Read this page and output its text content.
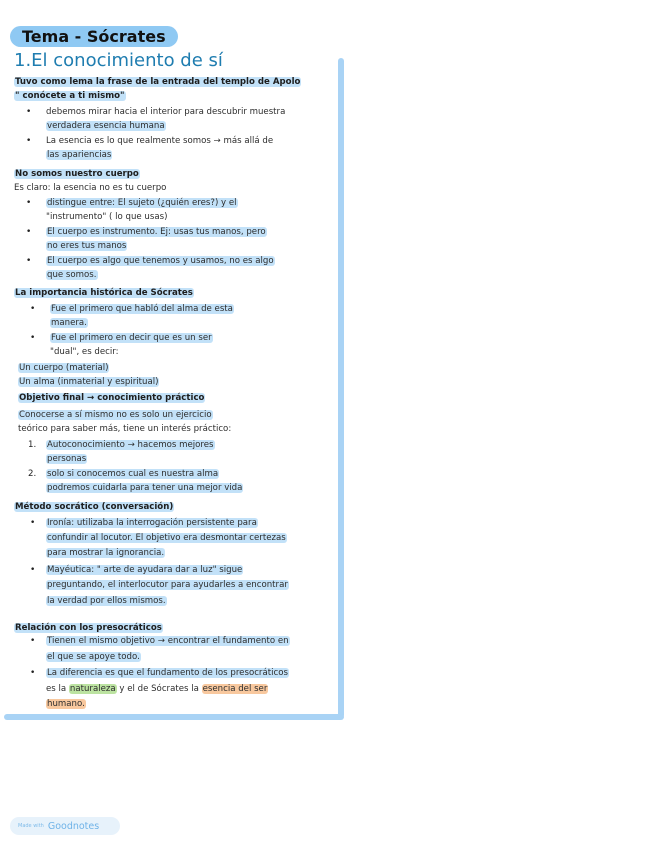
Tema - Sócrates
1.El conocimiento de sí
Tuvo como lema la frase de la entrada del templo de Apolo
" conócete a ti mismo"
• debemos mirar hacia el interior para descubrir muestra
verdadera esencia humana
• La esencia es lo que realmente somos → más allá de
las apariencias
No somos nuestro cuerpo
Es claro: la esencia no es tu cuerpo
• distingue entre: El sujeto (¿quién eres?) y el
"instrumento" ( lo que usas)
• El cuerpo es instrumento. Ej: usas tus manos, pero
no eres tus manos
• El cuerpo es algo que tenemos y usamos, no es algo
que somos.
La importancia histórica de Sócrates
• Fue el primero que habló del alma de esta
manera.
• Fue el primero en decir que es un ser
"dual", es decir:
Un cuerpo (material)
Un alma (inmaterial y espiritual)
Objetivo final → conocimiento práctico
Conocerse a sí mismo no es solo un ejercicio
teórico para saber más, tiene un interés práctico:
1. Autoconocimiento → hacemos mejores
personas
2. solo si conocemos cual es nuestra alma
podremos cuidarla para tener una mejor vida
Método socrático (conversación)
• Ironía: utilizaba la interrogación persistente para
confundir al locutor. El objetivo era desmontar certezas
para mostrar la ignorancia.
• Mayéutica: " arte de ayudara dar a luz" sigue
preguntando, el interlocutor para ayudarles a encontrar
la verdad por ellos mismos.
Relación con los presocráticos
• Tienen el mismo objetivo → encontrar el fundamento en
el que se apoye todo.
• La diferencia es que el fundamento de los presocráticos
es la naturaleza y el de Sócrates la esencia del ser
humano.
Made with Goodnotes
